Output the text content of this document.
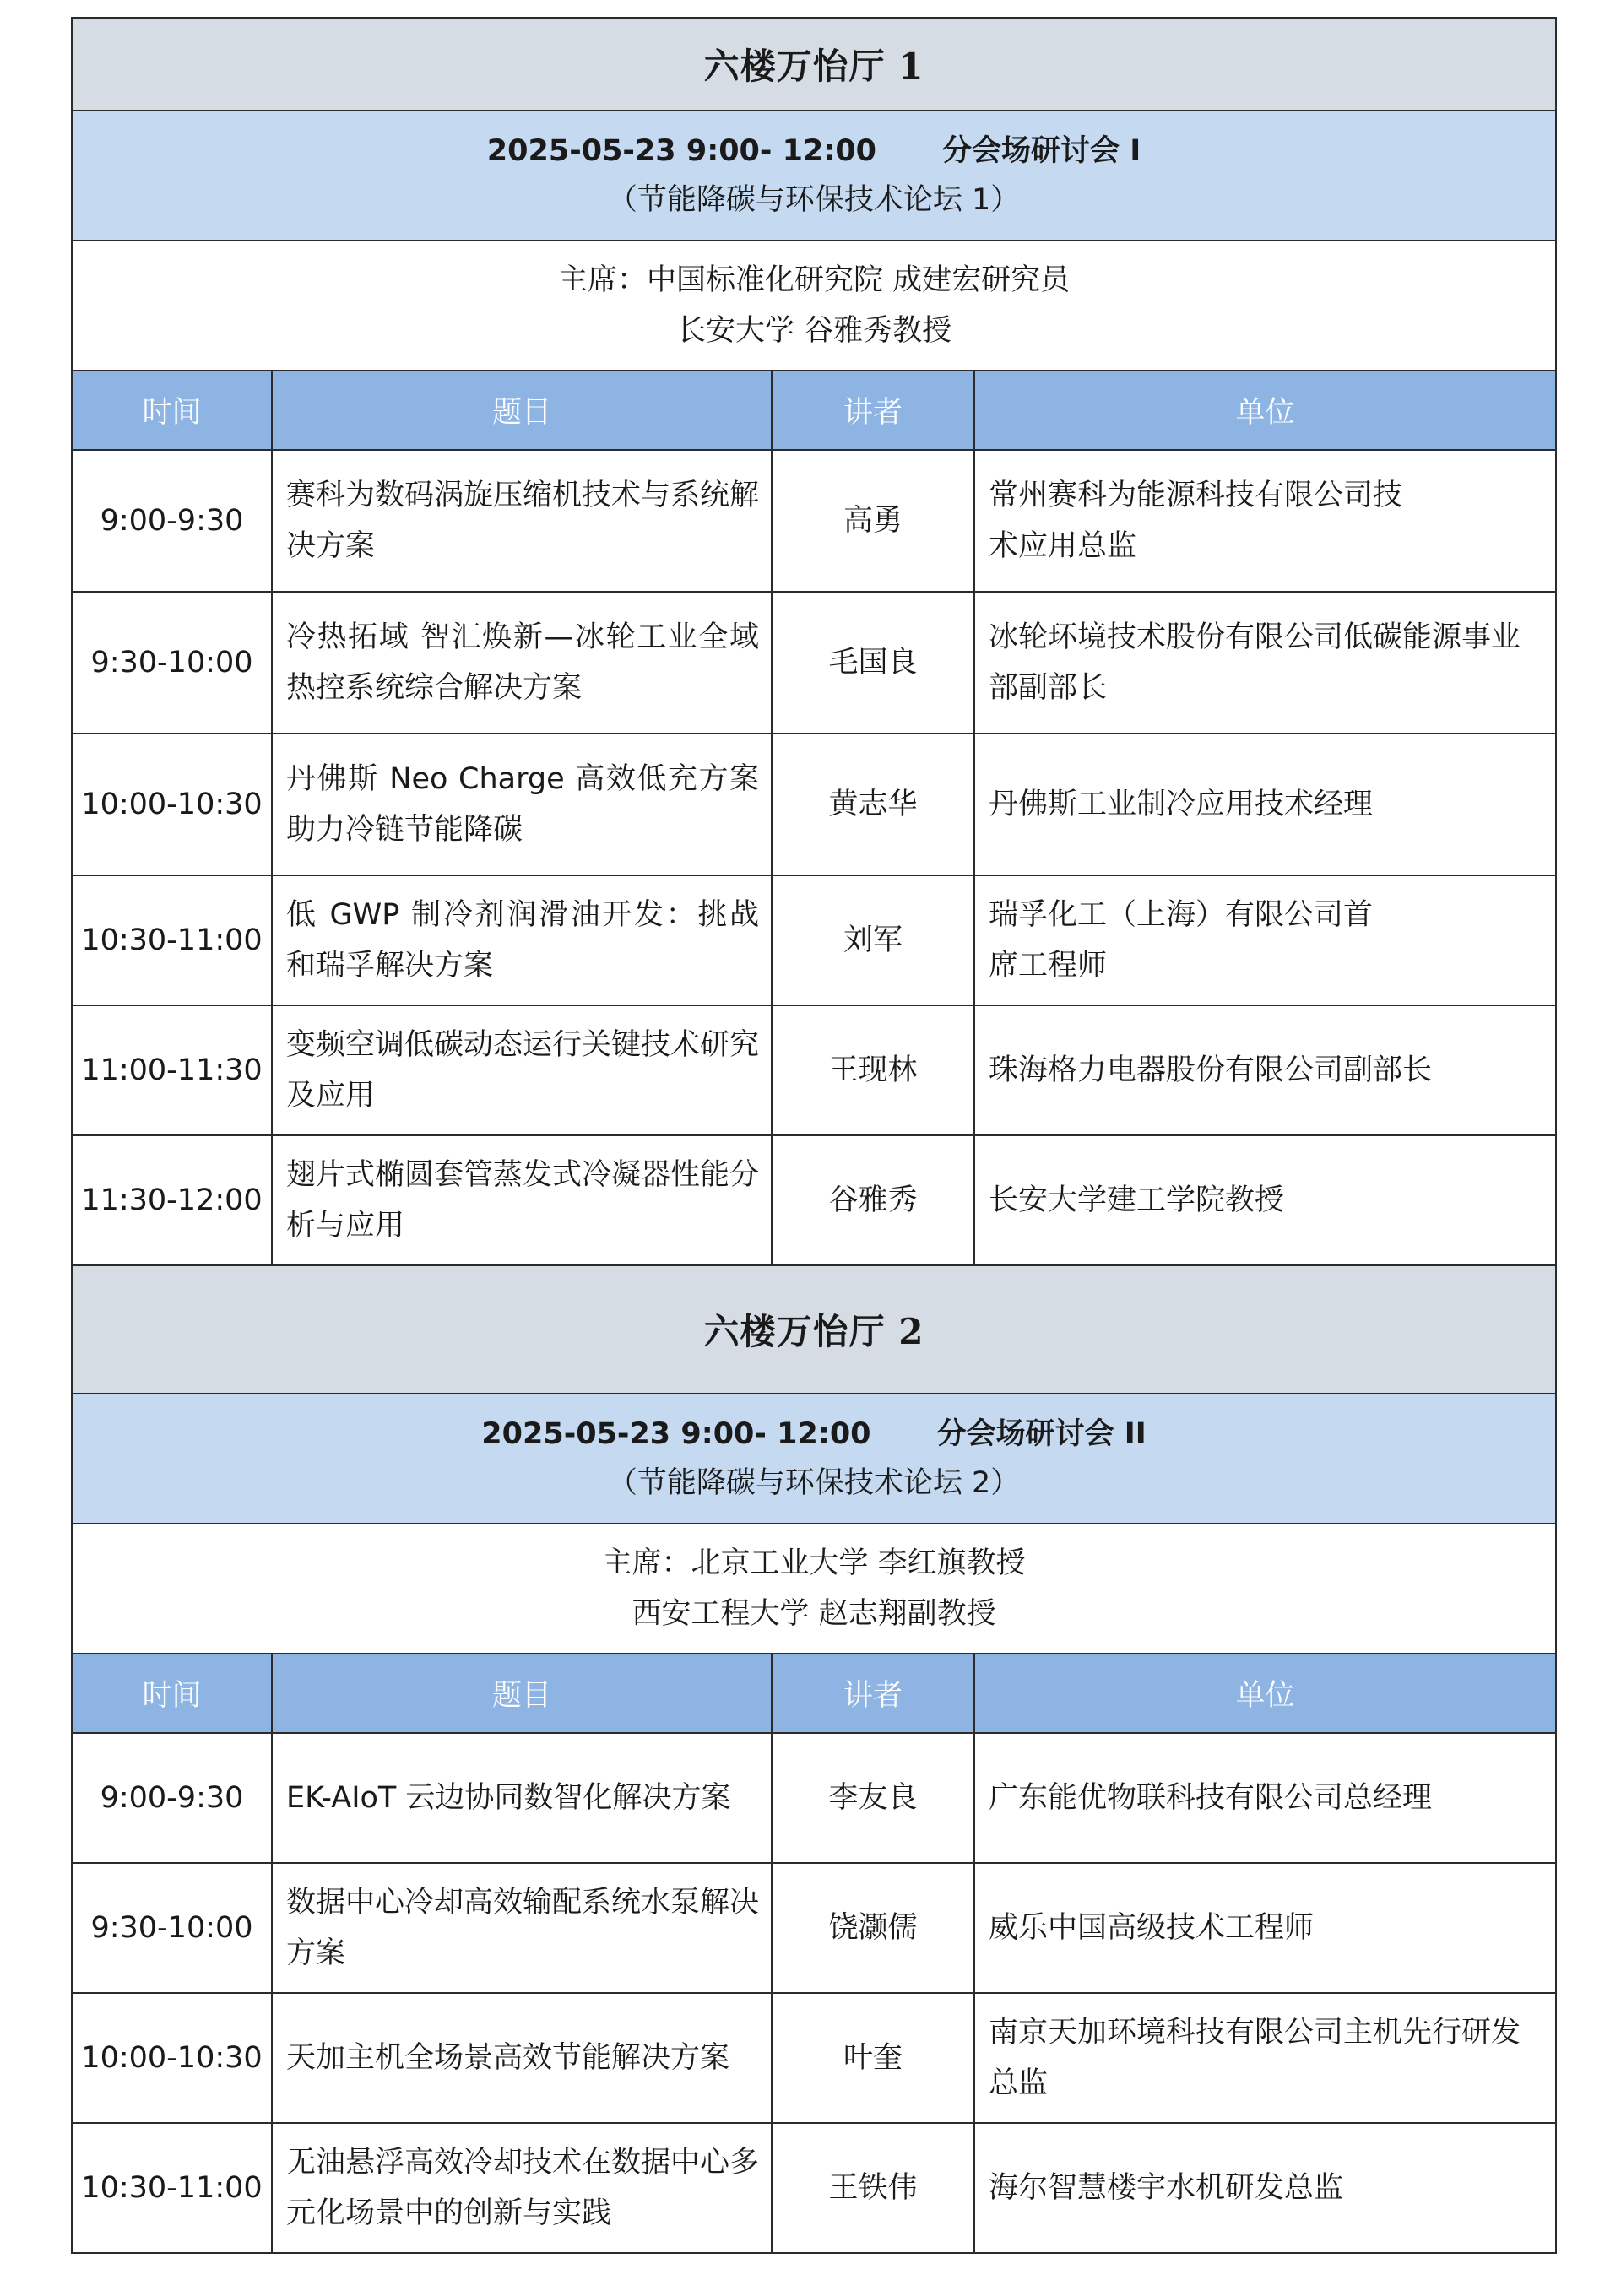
六楼万怡厅 1			

2025-05-23 9:00- 12:00 分会场研讨会 I
（节能降碳与环保技术论坛 1）			

主席：中国标准化研究院 成建宏研究员
长安大学 谷雅秀教授			

时间	题目	讲者	单位
9:00-9:30	赛科为数码涡旋压缩机技术与系统解决方案	高勇	常州赛科为能源科技有限公司技术应用总监
9:30-10:00	冷热拓域 智汇焕新—冰轮工业全域热控系统综合解决方案	毛国良	冰轮环境技术股份有限公司低碳能源事业部副部长
10:00-10:30	丹佛斯 Neo Charge 高效低充方案助力冷链节能降碳	黄志华	丹佛斯工业制冷应用技术经理
10:30-11:00	低 GWP 制冷剂润滑油开发：挑战和瑞孚解决方案	刘军	瑞孚化工（上海）有限公司首席工程师
11:00-11:30	变频空调低碳动态运行关键技术研究及应用	王现林	珠海格力电器股份有限公司副部长
11:30-12:00	翅片式椭圆套管蒸发式冷凝器性能分析与应用	谷雅秀	长安大学建工学院教授
六楼万怡厅 2			

2025-05-23 9:00- 12:00 分会场研讨会 II
（节能降碳与环保技术论坛 2）			

主席：北京工业大学 李红旗教授
西安工程大学 赵志翔副教授			

时间	题目	讲者	单位
9:00-9:30	EK-AIoT 云边协同数智化解决方案	李友良	广东能优物联科技有限公司总经理
9:30-10:00	数据中心冷却高效输配系统水泵解决方案	饶灏儒	威乐中国高级技术工程师
10:00-10:30	天加主机全场景高效节能解决方案	叶奎	南京天加环境科技有限公司主机先行研发总监
10:30-11:00	无油悬浮高效冷却技术在数据中心多元化场景中的创新与实践	王铁伟	海尔智慧楼宇水机研发总监
